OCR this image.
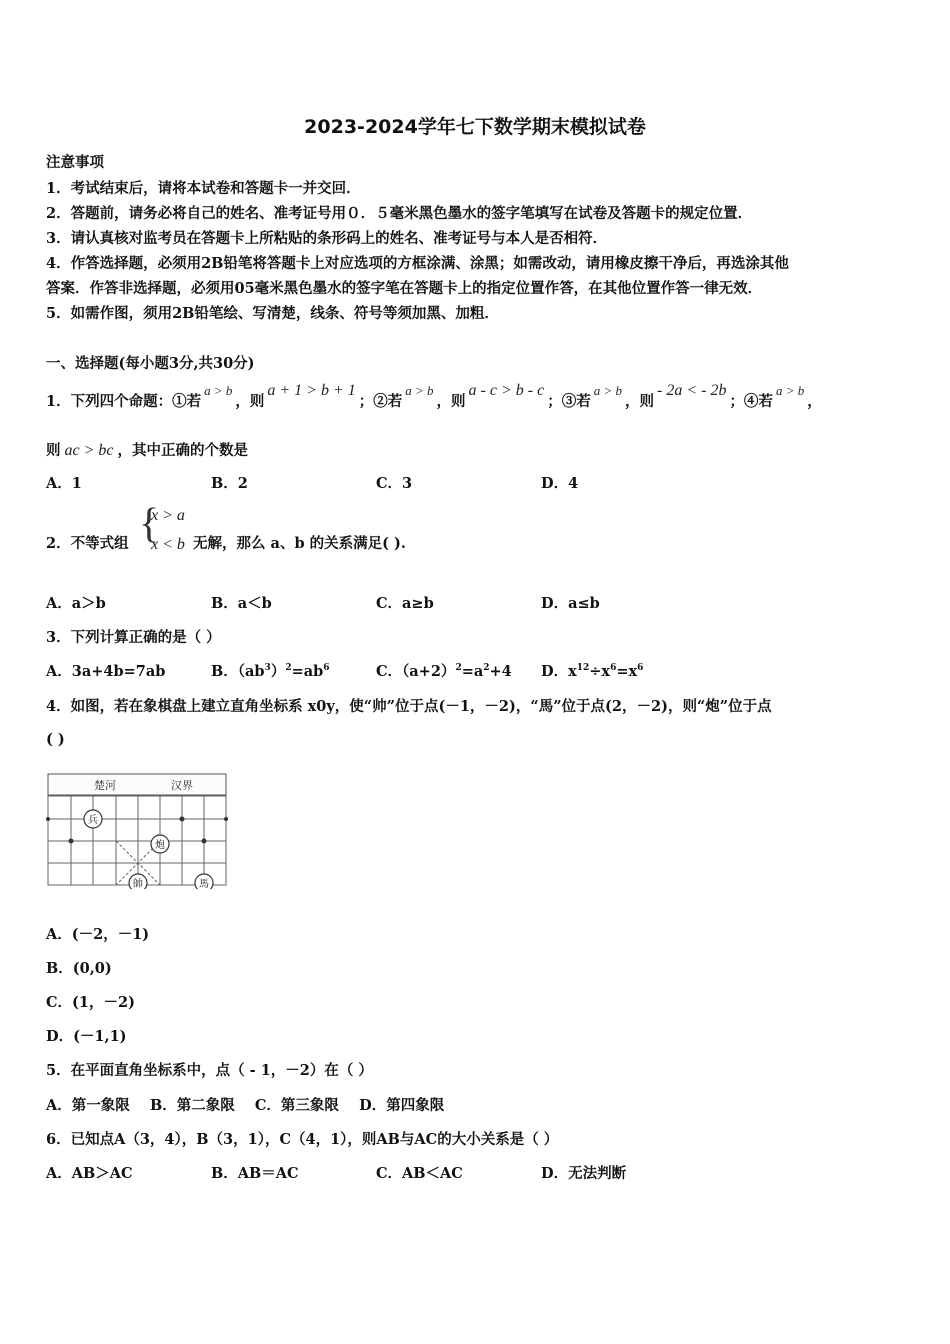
2023-2024学年七下数学期末模拟试卷
注意事项
1．考试结束后，请将本试卷和答题卡一并交回．
2．答题前，请务必将自己的姓名、准考证号用０．５毫米黑色墨水的签字笔填写在试卷及答题卡的规定位置．
3．请认真核对监考员在答题卡上所粘贴的条形码上的姓名、准考证号与本人是否相符．
4．作答选择题，必须用2B铅笔将答题卡上对应选项的方框涂满、涂黑；如需改动，请用橡皮擦干净后，再选涂其他
答案．作答非选择题，必须用05毫米黑色墨水的签字笔在答题卡上的指定位置作答，在其他位置作答一律无效．
5．如需作图，须用2B铅笔绘、写清楚，线条、符号等须加黑、加粗．
一、选择题(每小题3分,共30分)
1．下列四个命题：①若a > b，则a + 1 > b + 1；②若a > b，则a - c > b - c；③若a > b，则- 2a < - 2b；④若a > b，
则 ac > bc ，其中正确的个数是
A．1	B．2	C．3	D．4
2．不等式组 {
x > a
x < b 无解，那么 a、b 的关系满足( ).
A．a＞b	B．a＜b	C．a≥b	D．a≤b
3．下列计算正确的是（ ）
A．3a+4b=7ab	B．$(ab^3)^2=ab^6$	C．$(a+2)^2=a^2+4$ D．$x^{12}\div x^6=x^6$
4．如图，若在象棋盘上建立直角坐标系 x0y，使“帅”位于点(－1，－2)，“馬”位于点(2，－2)，则“炮”位于点
( )
楚河	汉界
兵
炮
帥	馬
A．(－2，－1)
B．(0,0)
C．(1，－2)
D．(－1,1)
5．在平面直角坐标系中，点（ - 1，－2）在（ ）
A．第一象限    B．第二象限    C．第三象限    D．第四象限
6．已知点A（3，4），B（3，1），C（4，1），则AB与AC的大小关系是（ ）
A．AB＞AC	B．AB＝AC	C．AB＜AC	D．无法判断
